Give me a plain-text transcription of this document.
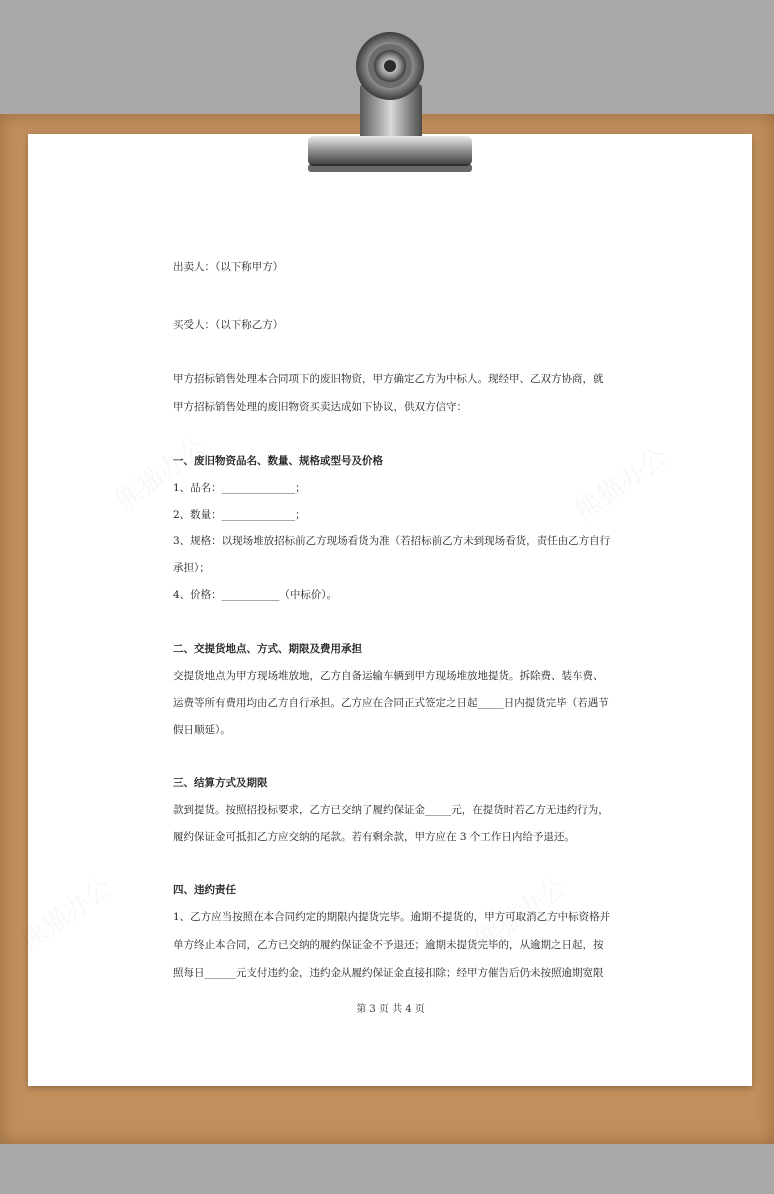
出卖人：（以下称甲方）
买受人：（以下称乙方）
甲方招标销售处理本合同项下的废旧物资，甲方确定乙方为中标人。现经甲、乙双方协商，就
甲方招标销售处理的废旧物资买卖达成如下协议，供双方信守：
一、废旧物资品名、数量、规格或型号及价格
1、品名：______________；
2、数量：______________；
3、规格：以现场堆放招标前乙方现场看货为准（若招标前乙方未到现场看货，责任由乙方自行
承担）；
4、价格：___________（中标价）。
二、交提货地点、方式、期限及费用承担
交提货地点为甲方现场堆放地，乙方自备运输车辆到甲方现场堆放地提货。拆除费、装车费、
运费等所有费用均由乙方自行承担。乙方应在合同正式签定之日起_____日内提货完毕（若遇节
假日顺延）。
三、结算方式及期限
款到提货。按照招投标要求，乙方已交纳了履约保证金_____元，在提货时若乙方无违约行为，
履约保证金可抵扣乙方应交纳的尾款。若有剩余款，甲方应在 3 个工作日内给予退还。
四、违约责任
1、乙方应当按照在本合同约定的期限内提货完毕。逾期不提货的，甲方可取消乙方中标资格并
单方终止本合同，乙方已交纳的履约保证金不予退还；逾期未提货完毕的，从逾期之日起，按
照每日______元支付违约金，违约金从履约保证金直接扣除；经甲方催告后仍未按照逾期宽限
第 3 页 共 4 页
